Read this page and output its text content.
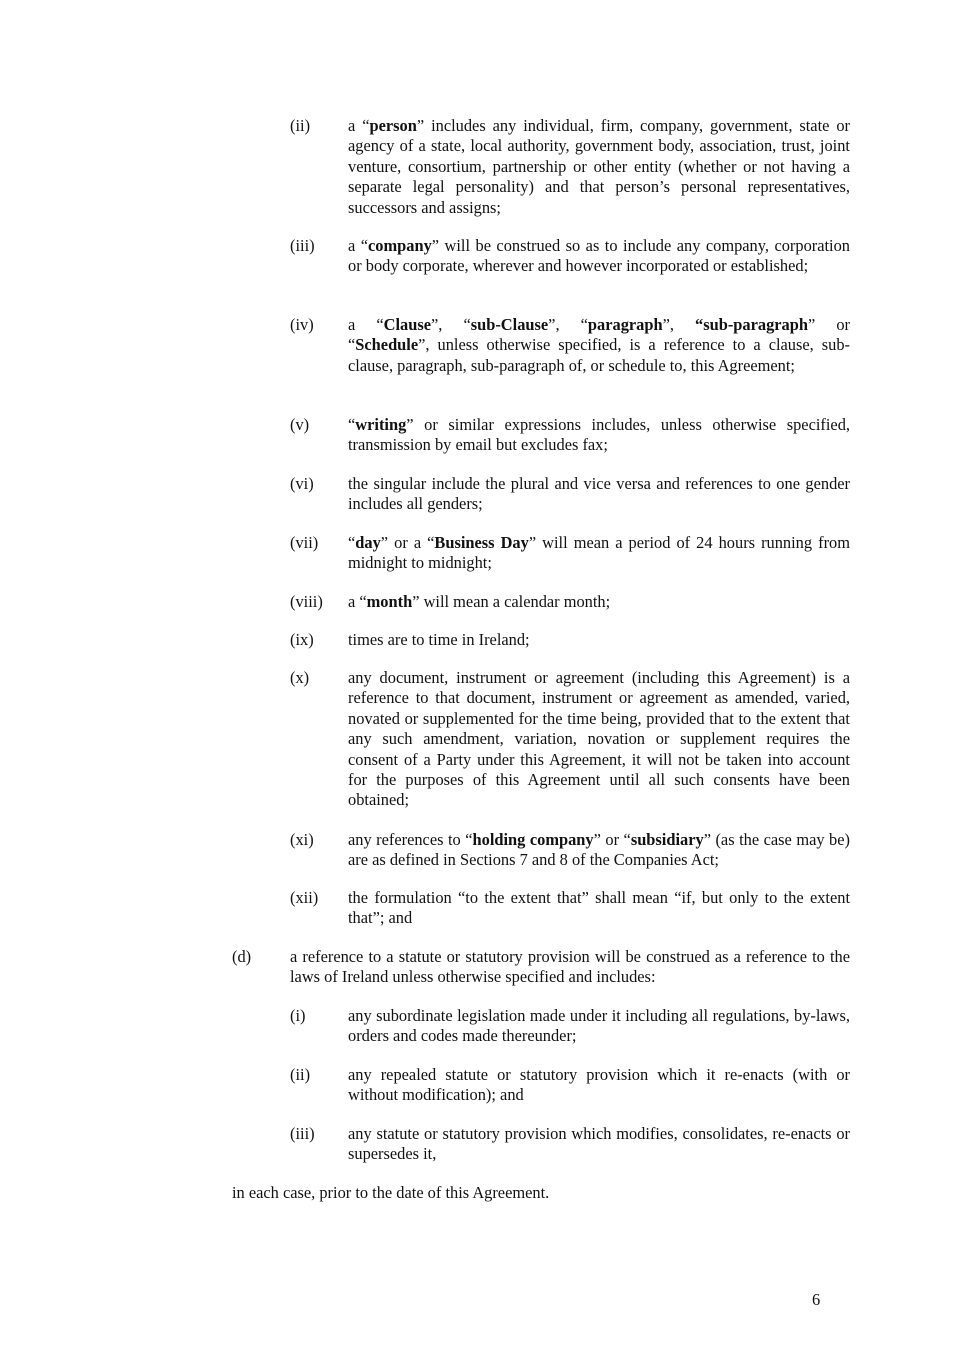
(ii)	a “person” includes any individual, firm, company, government, state or agency of a state, local authority, government body, association, trust, joint venture, consortium, partnership or other entity (whether or not having a separate legal personality) and that person’s personal representatives, successors and assigns;
(iii)	a “company” will be construed so as to include any company, corporation or body corporate, wherever and however incorporated or established;
(iv)	a “Clause”, “sub-Clause”, “paragraph”, “sub-paragraph” or “Schedule”, unless otherwise specified, is a reference to a clause, sub-clause, paragraph, sub-paragraph of, or schedule to, this Agreement;
(v)	“writing” or similar expressions includes, unless otherwise specified, transmission by email but excludes fax;
(vi)	the singular include the plural and vice versa and references to one gender includes all genders;
(vii)	“day” or a “Business Day” will mean a period of 24 hours running from midnight to midnight;
(viii)	a “month” will mean a calendar month;
(ix)	times are to time in Ireland;
(x)	any document, instrument or agreement (including this Agreement) is a reference to that document, instrument or agreement as amended, varied, novated or supplemented for the time being, provided that to the extent that any such amendment, variation, novation or supplement requires the consent of a Party under this Agreement, it will not be taken into account for the purposes of this Agreement until all such consents have been obtained;
(xi)	any references to “holding company” or “subsidiary” (as the case may be) are as defined in Sections 7 and 8 of the Companies Act;
(xii)	the formulation “to the extent that” shall mean “if, but only to the extent that”; and
(d)	a reference to a statute or statutory provision will be construed as a reference to the laws of Ireland unless otherwise specified and includes:
(i)	any subordinate legislation made under it including all regulations, by-laws, orders and codes made thereunder;
(ii)	any repealed statute or statutory provision which it re-enacts (with or without modification); and
(iii)	any statute or statutory provision which modifies, consolidates, re-enacts or supersedes it,
in each case, prior to the date of this Agreement.
6
